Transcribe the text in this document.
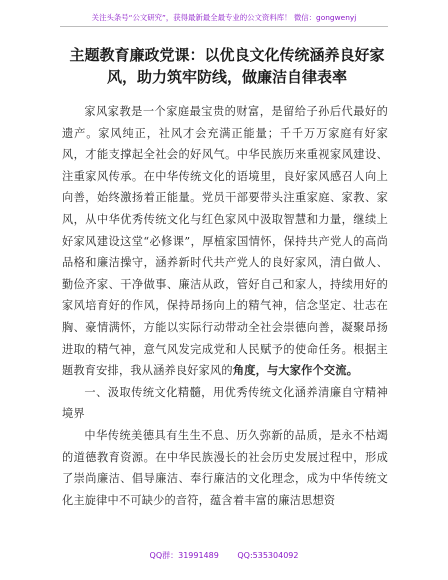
关注头条号“公文研究”，获得最新最全最专业的公文资料库！ 微信：gongwenyj
主题教育廉政党课：以优良文化传统涵养良好家风，助力筑牢防线，做廉洁自律表率

家风家教是一个家庭最宝贵的财富，是留给子孙后代最好的遗产。家风纯正，社风才会充满正能量；千千万万家庭有好家风，才能支撑起全社会的好风气。中华民族历来重视家风建设、注重家风传承。在中华传统文化的语境里，良好家风感召人向上向善，始终激扬着正能量。党员干部要带头注重家庭、家教、家风，从中华优秀传统文化与红色家风中汲取智慧和力量，继续上好家风建设这堂“必修课”，厚植家国情怀，保持共产党人的高尚品格和廉洁操守，涵养新时代共产党人的良好家风，清白做人、勤俭齐家、干净做事、廉洁从政，管好自己和家人，持续用好的家风培育好的作风，保持昂扬向上的精气神，信念坚定、壮志在胸、豪情满怀，方能以实际行动带动全社会崇德向善，凝聚昂扬进取的精气神，意气风发完成党和人民赋予的使命任务。根据主题教育安排，我从涵养良好家风的角度，与大家作个交流。

一、汲取传统文化精髓，用优秀传统文化涵养清廉自守精神境界

中华传统美德具有生生不息、历久弥新的品质，是永不枯竭的道德教育资源。在中华民族漫长的社会历史发展过程中，形成了崇尚廉洁、倡导廉洁、奉行廉洁的文化理念，成为中华传统文化主旋律中不可缺少的音符，蕴含着丰富的廉洁思想资

QQ群：31991489 QQ:535304092
